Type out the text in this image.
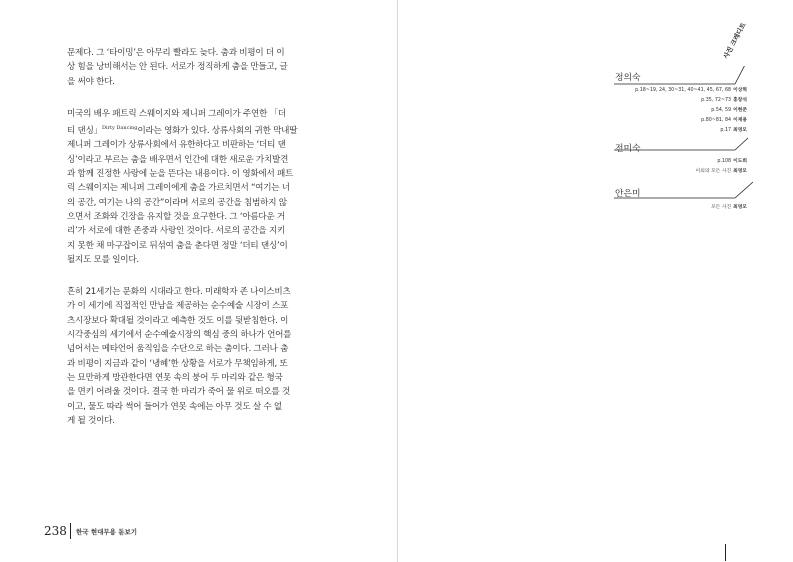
문제다. 그 ‘타이밍’은 아무리 빨라도 늦다. 춤과 비평이 더 이
상 힘을 낭비해서는 안 된다. 서로가 정직하게 춤을 만들고, 글
을 써야 한다.
미국의 배우 패트릭 스웨이지와 제니퍼 그레이가 주연한 「더
티 댄싱」$^{Dirty Dancing}$이라는 영화가 있다. 상류사회의 귀한 막내딸
제니퍼 그레이가 상류사회에서 유한하다고 비판하는 ‘더티 댄
싱’이라고 부르는 춤을 배우면서 인간에 대한 새로운 가치발견
과 함께 진정한 사랑에 눈을 뜬다는 내용이다. 이 영화에서 패트
릭 스웨이지는 제니퍼 그레이에게 춤을 가르치면서 “여기는 너
의 공간, 여기는 나의 공간”이라며 서로의 공간을 침범하지 않
으면서 조화와 긴장을 유지할 것을 요구한다. 그 ‘아름다운 거
리’가 서로에 대한 존중과 사랑인 것이다. 서로의 공간을 지키
지 못한 채 마구잡이로 뒤섞여 춤을 춘다면 정말 ‘더티 댄싱’이
될지도 모를 일이다.
흔히 21세기는 문화의 시대라고 한다. 미래학자 존 나이스비츠
가 이 세기에 직접적인 만남을 제공하는 순수예술 시장이 스포
츠시장보다 확대될 것이라고 예측한 것도 이를 뒷받침한다. 이
시각중심의 세기에서 순수예술시장의 핵심 중의 하나가 언어를
넘어서는 메타언어 움직임을 수단으로 하는 춤이다. 그러나 춤
과 비평이 지금과 같이 ‘냉혜’한 상황을 서로가 무책임하게, 또
는 묘만하게 방관한다면 연못 속의 붕어 두 마리와 같은 형국
을 면키 어려울 것이다. 결국 한 마리가 죽어 물 위로 떠오를 것
이고, 물도 따라 썩어 들어가 연못 속에는 아무 것도 살 수 없
게 될 것이다.
238 한국 현대무용 돋보기
사진 크레디트
정의숙
p.18~19, 24, 30~31, 40~41, 45, 67, 68 이상혁
p.35, 72~73 홍창석
p.54, 59 이현준
p.80~81, 84 이재용
p.17 최영모
전미숙
p.108 이도희
이외의 모든 사진 최영모
안은미
모든 사진 최영모
